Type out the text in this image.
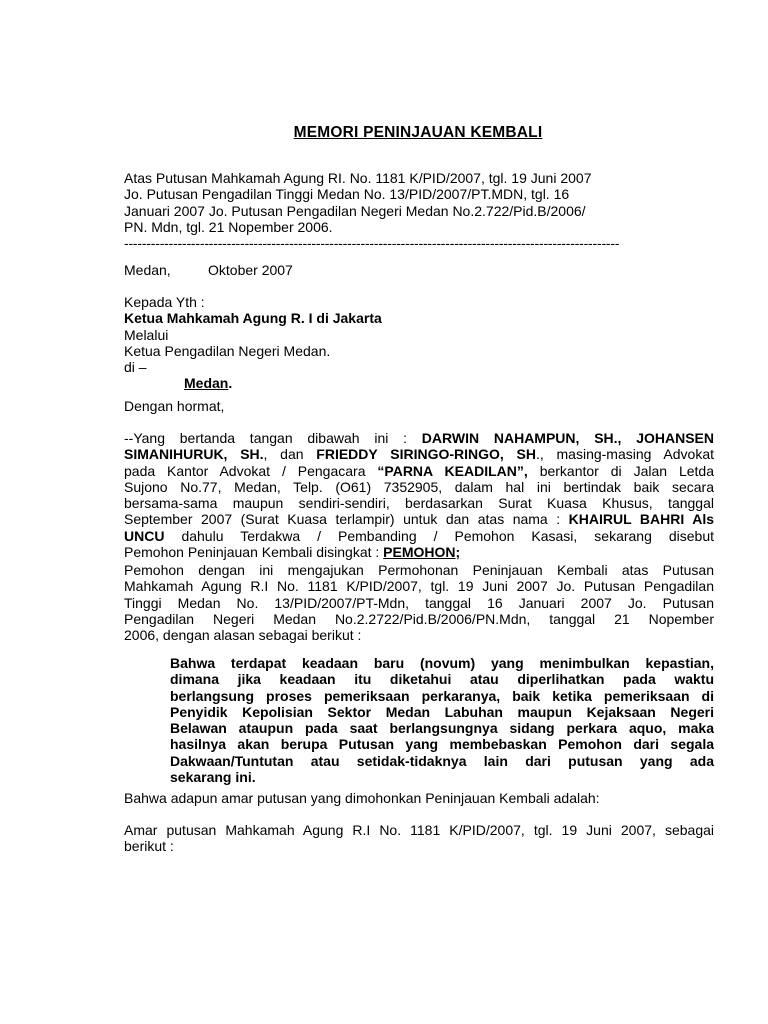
MEMORI PENINJAUAN KEMBALI
Atas Putusan Mahkamah Agung RI. No. 1181 K/PID/2007, tgl. 19 Juni 2007
Jo. Putusan Pengadilan Tinggi Medan No. 13/PID/2007/PT.MDN, tgl. 16
Januari 2007 Jo. Putusan Pengadilan Negeri Medan No.2.722/Pid.B/2006/
PN. Mdn, tgl. 21 Nopember 2006.
---------------------------------------------------------------------------------------------------------------
Medan,	Oktober 2007
Kepada Yth :
Ketua Mahkamah Agung R. I di Jakarta
Melalui
Ketua Pengadilan Negeri Medan.
di –
Medan.
Dengan hormat,
--Yang bertanda tangan dibawah ini : DARWIN NAHAMPUN, SH., JOHANSEN
SIMANIHURUK, SH., dan FRIEDDY SIRINGO-RINGO, SH., masing-masing Advokat
pada Kantor Advokat / Pengacara “PARNA KEADILAN”, berkantor di Jalan Letda
Sujono No.77, Medan, Telp. (O61) 7352905, dalam hal ini bertindak baik secara
bersama-sama maupun sendiri-sendiri, berdasarkan Surat Kuasa Khusus, tanggal
September 2007 (Surat Kuasa terlampir) untuk dan atas nama : KHAIRUL BAHRI Als
UNCU dahulu Terdakwa / Pembanding / Pemohon Kasasi, sekarang disebut
Pemohon Peninjauan Kembali disingkat : PEMOHON;
Pemohon dengan ini mengajukan Permohonan Peninjauan Kembali atas Putusan
Mahkamah Agung R.I No. 1181 K/PID/2007, tgl. 19 Juni 2007 Jo. Putusan Pengadilan
Tinggi Medan No. 13/PID/2007/PT-Mdn, tanggal 16 Januari 2007 Jo. Putusan
Pengadilan Negeri Medan No.2.2722/Pid.B/2006/PN.Mdn, tanggal 21 Nopember
2006, dengan alasan sebagai berikut :
Bahwa terdapat keadaan baru (novum) yang menimbulkan kepastian,
dimana jika keadaan itu diketahui atau diperlihatkan pada waktu
berlangsung proses pemeriksaan perkaranya, baik ketika pemeriksaan di
Penyidik Kepolisian Sektor Medan Labuhan maupun Kejaksaan Negeri
Belawan ataupun pada saat berlangsungnya sidang perkara aquo, maka
hasilnya akan berupa Putusan yang membebaskan Pemohon dari segala
Dakwaan/Tuntutan atau setidak-tidaknya lain dari putusan yang ada
sekarang ini.
Bahwa adapun amar putusan yang dimohonkan Peninjauan Kembali adalah:
Amar putusan Mahkamah Agung R.I No. 1181 K/PID/2007, tgl. 19 Juni 2007, sebagai
berikut :
